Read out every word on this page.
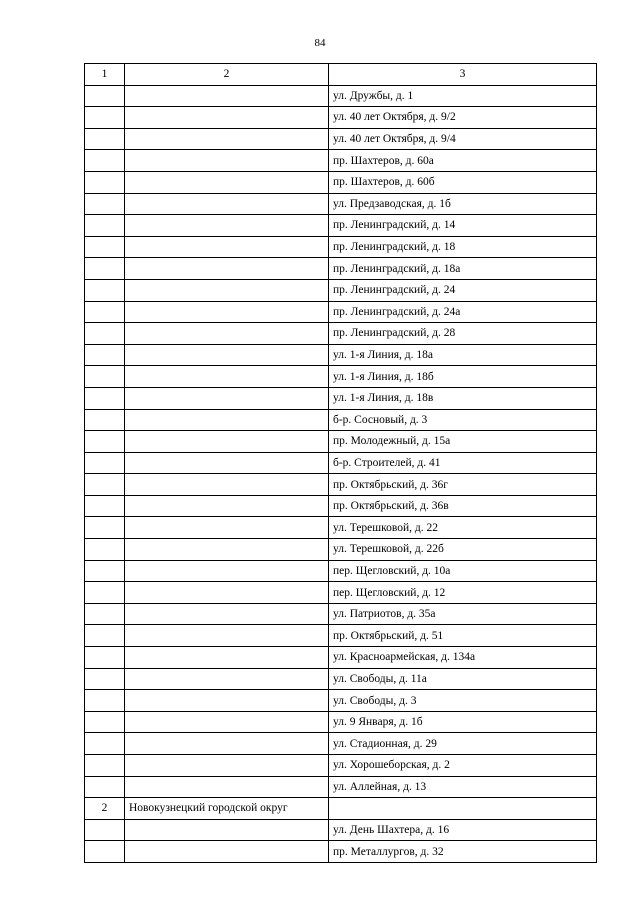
84
1	2	3
		ул. Дружбы, д. 1
		ул. 40 лет Октября, д. 9/2
		ул. 40 лет Октября, д. 9/4
		пр. Шахтеров, д. 60а
		пр. Шахтеров, д. 60б
		ул. Предзаводская, д. 1б
		пр. Ленинградский, д. 14
		пр. Ленинградский, д. 18
		пр. Ленинградский, д. 18а
		пр. Ленинградский, д. 24
		пр. Ленинградский, д. 24а
		пр. Ленинградский, д. 28
		ул. 1-я Линия, д. 18а
		ул. 1-я Линия, д. 18б
		ул. 1-я Линия, д. 18в
		б-р. Сосновый, д. 3
		пр. Молодежный, д. 15а
		б-р. Строителей, д. 41
		пр. Октябрьский, д. 36г
		пр. Октябрьский, д. 36в
		ул. Терешковой, д. 22
		ул. Терешковой, д. 22б
		пер. Щегловский, д. 10а
		пер. Щегловский, д. 12
		ул. Патриотов, д. 35а
		пр. Октябрьский, д. 51
		ул. Красноармейская, д. 134а
		ул. Свободы, д. 11а
		ул. Свободы, д. 3
		ул. 9 Января, д. 1б
		ул. Стадионная, д. 29
		ул. Хорошеборская, д. 2
		ул. Аллейная, д. 13
2	Новокузнецкий городской округ	
		ул. День Шахтера, д. 16
		пр. Металлургов, д. 32
